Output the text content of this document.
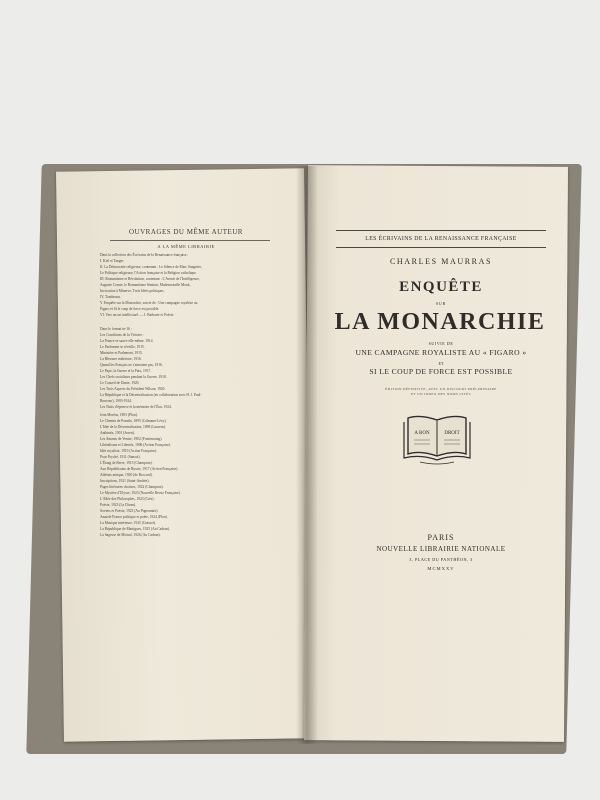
OUVRAGES DU MÊME AUTEUR
A LA MÊME LIBRAIRIE
Dans la collection des Écrivains de la Renaissance française :
I. Kiel et Tanger.
II. La Démocratie religieuse, contenant : Le Silence de Marc Sangnier,
Le Politique religieuse, l'Action française et la Religion catholique.
III. Romantisme et Révolution, contenant : L'Avenir de l'Intelligence,
Auguste Comte, le Romantisme féminin, Mademoiselle Monk,
Invocation à Minerve, Trois Idées politiques.
IV. Tombeaux.
V. Enquête sur la Monarchie, suivie de : Une campagne royaliste au
Figaro et Si le coup de force est possible.
VI. Vers un art intellectuel. — I. Barbarie et Poésie.
Dans le format in-16 :
Les Conditions de la Victoire :
La France se sauve elle-même, 1914.
Le Parlement se réveille, 1915.
Ministère et Parlement, 1915.
La Blessure intérieure, 1916.
Quand les Français ne s'aimaient pas, 1916.
Le Pape, la Guerre et la Paix, 1917.
Les Chefs socialistes pendant la Guerre, 1918.
Le Conseil de Dante, 1920.
Les Trois Aspects du Président Wilson, 1920.
La République et la Décentralisation (en collaboration avec H. J. Paul-
Boncour), 1903-1924.
Les Nuits d'épreuve et la mémoire de l'État, 1924.
Jean Moréas, 1891 (Plon).
Le Chemin de Paradis, 1895 (Calmann-Lévy).
L'Idée de la Décentralisation, 1898 (Laurens).
Anthinéa, 1901 (Juven).
Les Amants de Venise, 1902 (Fontemoing).
Libéralisme et Libertés, 1906 (Action Française).
Idée royaliste, 1910 (Action Française).
Pour Psyché, 1911 (Sansot).
L'Étang de Berre, 1915 (Champion).
Aux Républicains de Russie, 1917 (Action Française).
Athènes antique, 1920 (de Boccard).
Inscriptions, 1921 (Saint-Andrée).
Pages littéraires choisies, 1922 (Champion).
Le Mystère d'Ulysse, 1923 (Nouvelle Revue Française).
L'Allée des Philosophes, 1923 (Crès).
Poésie, 1923 (Le Divan).
Soviets et Poésie, 1923 (Au Pigeonnier).
Anatole France politique et poète, 1924 (Plon).
La Musique intérieure, 1925 (Grasset).
La République de Martigues, 1925 (Au Cadran).
La Sagesse de Mistral, 1926 (Au Cadran).
LES ÉCRIVAINS DE LA RENAISSANCE FRANÇAISE
CHARLES MAURRAS
ENQUÊTE
SUR
LA MONARCHIE
SUIVIE DE
UNE CAMPAGNE ROYALISTE AU « FIGARO »
ET
SI LE COUP DE FORCE EST POSSIBLE
ÉDITION DÉFINITIVE, AVEC UN DISCOURS PRÉLIMINAIRE
ET UN INDEX DES NOMS CITÉS
A BON	DROIT
PARIS
NOUVELLE LIBRAIRIE NATIONALE
3, PLACE DU PANTHÉON, 3
MCMXXV
